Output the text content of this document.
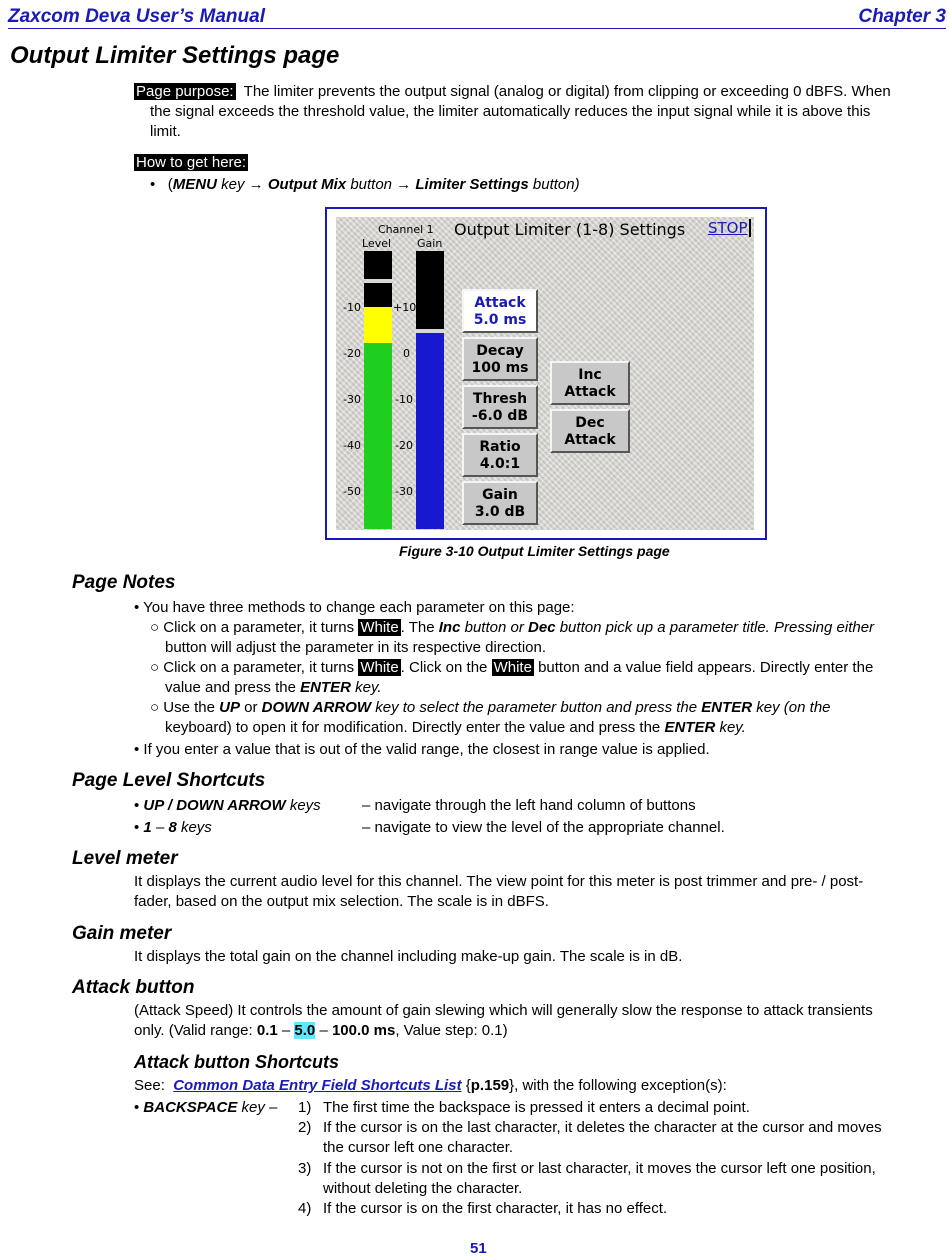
Zaxcom Deva User’s Manual	Chapter 3
Output Limiter Settings page
Page purpose: The limiter prevents the output signal (analog or digital) from clipping or exceeding 0 dBFS. When
the signal exceeds the threshold value, the limiter automatically reduces the input signal while it is above this
limit.
How to get here:
• (MENU key → Output Mix button → Limiter Settings button)
Output Limiter (1-8) Settings STOP
Channel 1
Level Gain
-10
-20
-30
-40
-50
+10
0
-10
-20
-30
Attack
5.0 ms
Decay
100 ms
Thresh
-6.0 dB
Ratio
4.0:1
Gain
3.0 dB
Inc
Attack
Dec
Attack
Figure 3-10 Output Limiter Settings page
Page Notes
• You have three methods to change each parameter on this page:
○ Click on a parameter, it turns White . The Inc button or Dec button pick up a parameter title. Pressing either
button will adjust the parameter in its respective direction.
○ Click on a parameter, it turns White . Click on the White button and a value field appears. Directly enter the
value and press the ENTER key.
○ Use the UP or DOWN ARROW key to select the parameter button and press the ENTER key (on the
keyboard) to open it for modification. Directly enter the value and press the ENTER key.
• If you enter a value that is out of the valid range, the closest in range value is applied.
Page Level Shortcuts
• UP / DOWN ARROW keys	– navigate through the left hand column of buttons
• 1 – 8 keys	– navigate to view the level of the appropriate channel.
Level meter
It displays the current audio level for this channel. The view point for this meter is post trimmer and pre- / post-
fader, based on the output mix selection. The scale is in dBFS.
Gain meter
It displays the total gain on the channel including make-up gain. The scale is in dB.
Attack button
(Attack Speed) It controls the amount of gain slewing which will generally slow the response to attack transients
only. (Valid range: 0.1 – 5.0 – 100.0 ms, Value step: 0.1)
Attack button Shortcuts
See: Common Data Entry Field Shortcuts List {p.159}, with the following exception(s):
• BACKSPACE key – 1) The first time the backspace is pressed it enters a decimal point.
2) If the cursor is on the last character, it deletes the character at the cursor and moves
the cursor left one character.
3) If the cursor is not on the first or last character, it moves the cursor left one position,
without deleting the character.
4) If the cursor is on the first character, it has no effect.
51
